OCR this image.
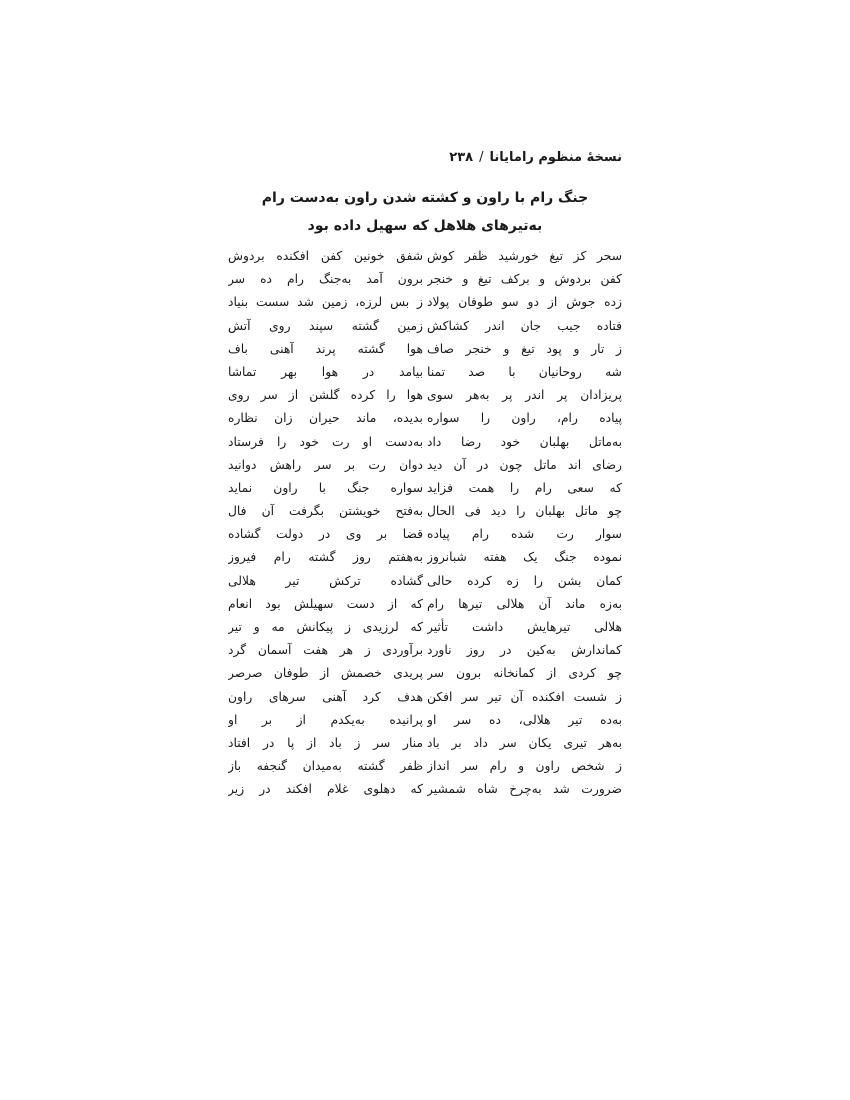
نسخهٔ منظوم رامایانا/۲۳۸
جنگ رام با راون و کشته شدن راون به‌دست رام
به‌تیرهای هلاهل که سهیل داده بود
سحر کز تیغ خورشید ظفر کوش
کفن بردوش و برکف تیغ و خنجر
زده جوش از دو سو طوفان پولاد
فتاده جیب جان اندر کشاکش
ز تار و پود تیغ و خنجر صاف
شه روحانیان با صد تمنا
پریزادان پر اندر پر به‌هر سوی
پیاده رام، راون را سواره
به‌ماتل بهلبان خود رضا داد
رضای اند ماتل چون در آن دید
که سعی رام را همت فزاید
چو ماتل بهلبان را دید فی الحال
سوار رت شده رام پیاده
نموده جنگ یک هفته شبانروز
کمان بشن را زه کرده حالی
به‌زه ماند آن هلالی تیرها رام
هلالی تیرهایش داشت تأثیر
کماندارش به‌کین در روز ناورد
چو کردی از کمانخانه برون سر
ز شست افکنده آن تیر سر افکن
به‌ده تیر هلالی، ده سر او
به‌هر تیری یکان سر داد بر باد
ز شخص راون و رام سر انداز
ضرورت شد به‌چرخ شاه شمشیر
شفق خونین کفن افکنده بردوش
برون آمد به‌جنگ رام ده سر
ز بس لرزه، زمین شد سست بنیاد
زمین گشته سپند روی آتش
هوا گشته پرند آهنی باف
بیامد در هوا بهر تماشا
هوا را کرده گلشن از سر روی
بدیده، ماند حیران زان نظاره
به‌دست او رت خود را فرستاد
دوان رت بر سر راهش دوانید
سواره جنگ با راون نماید
به‌فتح خویشتن بگرفت آن فال
قضا بر وی در دولت گشاده
به‌هفتم روز گشته رام فیروز
گشاده ترکش تیر هلالی
که از دست سهیلش بود انعام
که لرزیدی ز پیکانش مه و تیر
برآوردی ز هر هفت آسمان گرد
پریدی خصمش از طوفان صرصر
هدف کرد آهنی سرهای راون
پرانیده به‌یکدم از بر او
منار سر ز باد از پا در افتاد
ظفر گشته به‌میدان گنجفه باز
که دهلوی غلام افکند در زیر
